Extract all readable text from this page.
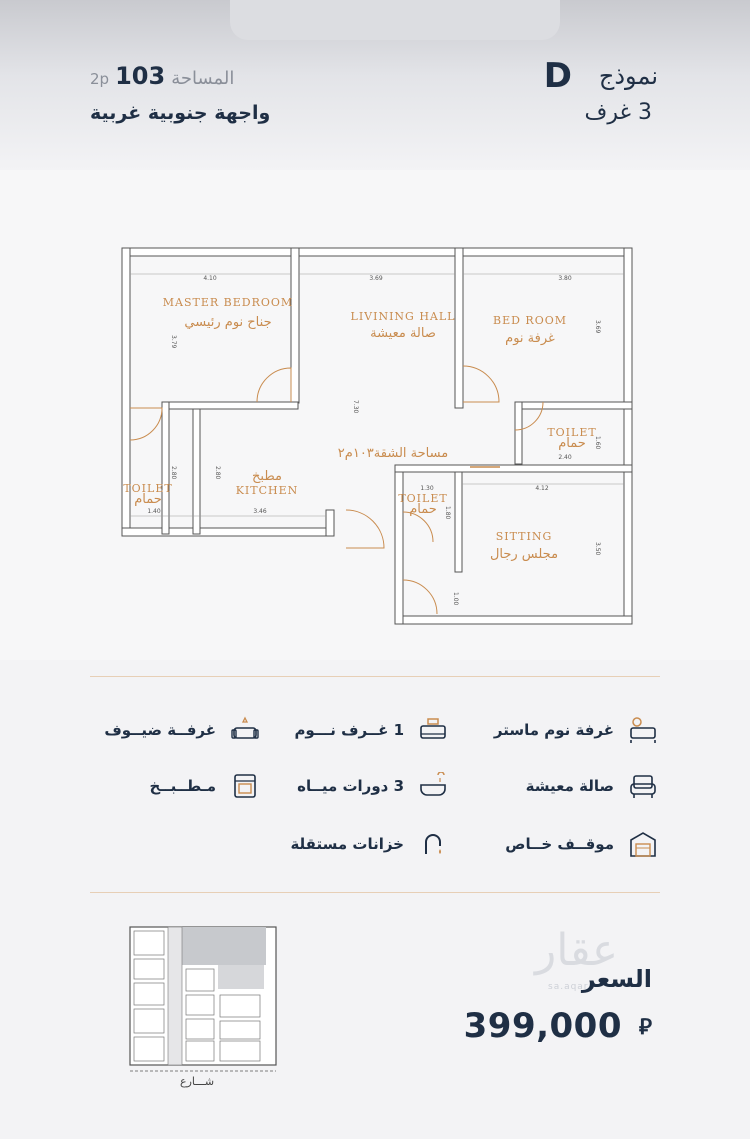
نموذج
D
3 غرف
المساحة
103
2p
واجهة جنوبية غربية
MASTER BEDROOM
جناح نوم رئيسي	LIVINING HALL
صالة معيشة
BED ROOM
غرفة نوم
TOILET
حمام
مطبخ
KITCHEN
TOILET
حمام	TOILET
حمام
SITTING
مجلس رجال
مساحة الشقة١٠٣م٢
4.10	3.69	3.80
3.79
7.30
3.69
2.80
1.40	3.46
2.80
1.30
1.80
4.12
1.60
2.40
3.50
1.00
غرفة نوم ماستر
1 غــرف نـــوم
غرفــة ضيــوف
صالة معيشة
3 دورات ميــاه
مـطــبــخ
موقــف خــاص
خزانات مستقلة
شـــارع
عقار
sa.aqar
السعر
399,000 ⃁
